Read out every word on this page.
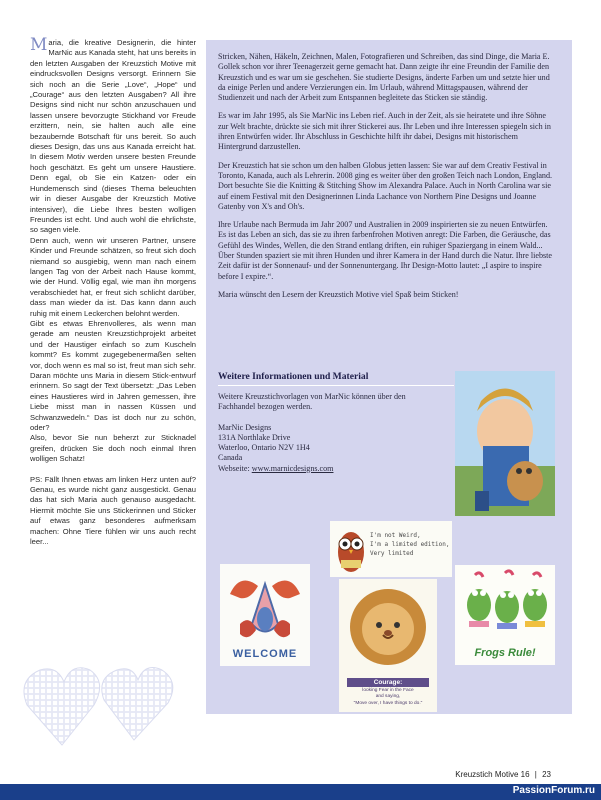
Maria, die kreative Designerin, die hinter MarNic aus Kanada steht, hat uns bereits in den letzten Ausgaben der Kreuzstich Motive mit eindrucksvollen Designs versorgt. Erinnern Sie sich noch an die Serie „Love“, „Hope“ und „Courage“ aus den letzten Ausgaben? All ihre Designs sind nicht nur schön anzuschauen und lassen unsere bevorzugte Stickhand vor Freude erzittern, nein, sie halten auch alle eine bezaubernde Botschaft für uns bereit. So auch dieses Design, das uns aus Kanada erreicht hat. In diesem Motiv werden unsere besten Freunde hoch geschätzt. Es geht um unsere Haustiere. Denn egal, ob Sie ein Katzen- oder ein Hundemensch sind (dieses Thema beleuchten wir in dieser Ausgabe der Kreuzstich Motive intensiver), die Liebe Ihres besten wolligen Freundes ist echt. Und auch wohl die ehrlichste, so sagen viele.

Denn auch, wenn wir unseren Partner, unsere Kinder und Freunde schätzen, so freut sich doch niemand so ausgiebig, wenn man nach einem langen Tag von der Arbeit nach Hause kommt, wie der Hund. Völlig egal, wie man ihn morgens verabschiedet hat, er freut sich schlicht darüber, dass man wieder da ist. Das kann dann auch ruhig mit einem Leckerchen belohnt werden.

Gibt es etwas Ehrenvolleres, als wenn man gerade am neusten Kreuzstichprojekt arbeitet und der Haustiger einfach so zum Kuscheln kommt? Es kommt zugegebenermaßen selten vor, doch wenn es mal so ist, freut man sich sehr. Daran möchte uns Maria in diesem Stick-entwurf erinnern. So sagt der Text übersetzt: „Das Leben eines Haustieres wird in Jahren gemessen, ihre Liebe misst man in nassen Küssen und Schwanzwedeln.“ Das ist doch nur zu schön, oder?

Also, bevor Sie nun beherzt zur Sticknadel greifen, drücken Sie doch noch einmal Ihren wolligen Schatz!

PS: Fällt Ihnen etwas am linken Herz unten auf? Genau, es wurde nicht ganz ausgestickt. Genau das hat sich Maria auch genauso ausgedacht. Hiermit möchte Sie uns Stickerinnen und Sticker auf etwas ganz besonderes aufmerksam machen: Ohne Tiere fühlen wir uns auch recht leer...

Stricken, Nähen, Häkeln, Zeichnen, Malen, Fotografieren und Schreiben, das sind Dinge, die Maria E. Gollek schon vor ihrer Teenagerzeit gerne gemacht hat. Dann zeigte ihr eine Freundin der Familie den Kreuzstich und es war um sie geschehen. Sie studierte Designs, änderte Farben um und setzte hier und da einige Perlen und andere Verzierungen ein. Im Urlaub, während Mittagspausen, während der Studienzeit und nach der Arbeit zum Entspannen begleitete das Sticken sie ständig.

Es war im Jahr 1995, als Sie MarNic ins Leben rief. Auch in der Zeit, als sie heiratete und ihre Söhne zur Welt brachte, drückte sie sich mit ihrer Stickerei aus. Ihr Leben und ihre Interessen spiegeln sich in ihren Entwürfen wider. Ihr Abschluss in Geschichte hilft ihr dabei, Designs mit historischem Hintergrund darzustellen.

Der Kreuzstich hat sie schon um den halben Globus jetten lassen: Sie war auf dem Creativ Festival in Toronto, Kanada, auch als Lehrerin. 2008 ging es weiter über den großen Teich nach London, England. Dort besuchte Sie die Knitting & Stitching Show im Alexandra Palace. Auch in North Carolina war sie auf einem Festival mit den Designerinnen Linda Lachance von Northern Pine Designs und Joanne Gatenby von X's and Oh's.

Ihre Urlaube nach Bermuda im Jahr 2007 und Australien in 2009 inspirierten sie zu neuen Entwürfen. Es ist das Leben an sich, das sie zu ihren farbenfrohen Motiven anregt: Die Farben, die Geräusche, das Gefühl des Windes, Wellen, die den Strand entlang driften, ein ruhiger Spaziergang in einem Wald... Über Stunden spaziert sie mit ihren Hunden und ihrer Kamera in der Hand durch die Natur. Ihre liebste Zeit dafür ist der Sonnenauf- und der Sonnenuntergang. Ihr Design-Motto lautet: „I aspire to inspire before I expire.“.

Maria wünscht den Lesern der Kreuzstich Motive viel Spaß beim Sticken!

Weitere Informationen und Material

Weitere Kreuzstichvorlagen von MarNic können über den Fachhandel bezogen werden.

MarNic Designs
131A Northlake Drive
Waterloo, Ontario N2V 1H4
Canada
Webseite: www.marnicdesigns.com

I'm not Weird,
I'm a limited edition,
Very limited
WELCOME
Courage:
looking Fear in the Face
and saying,
"Move over, I have things to do."
Frogs Rule!
Kreuzstich Motive 16 | 23
PassionForum.ru
